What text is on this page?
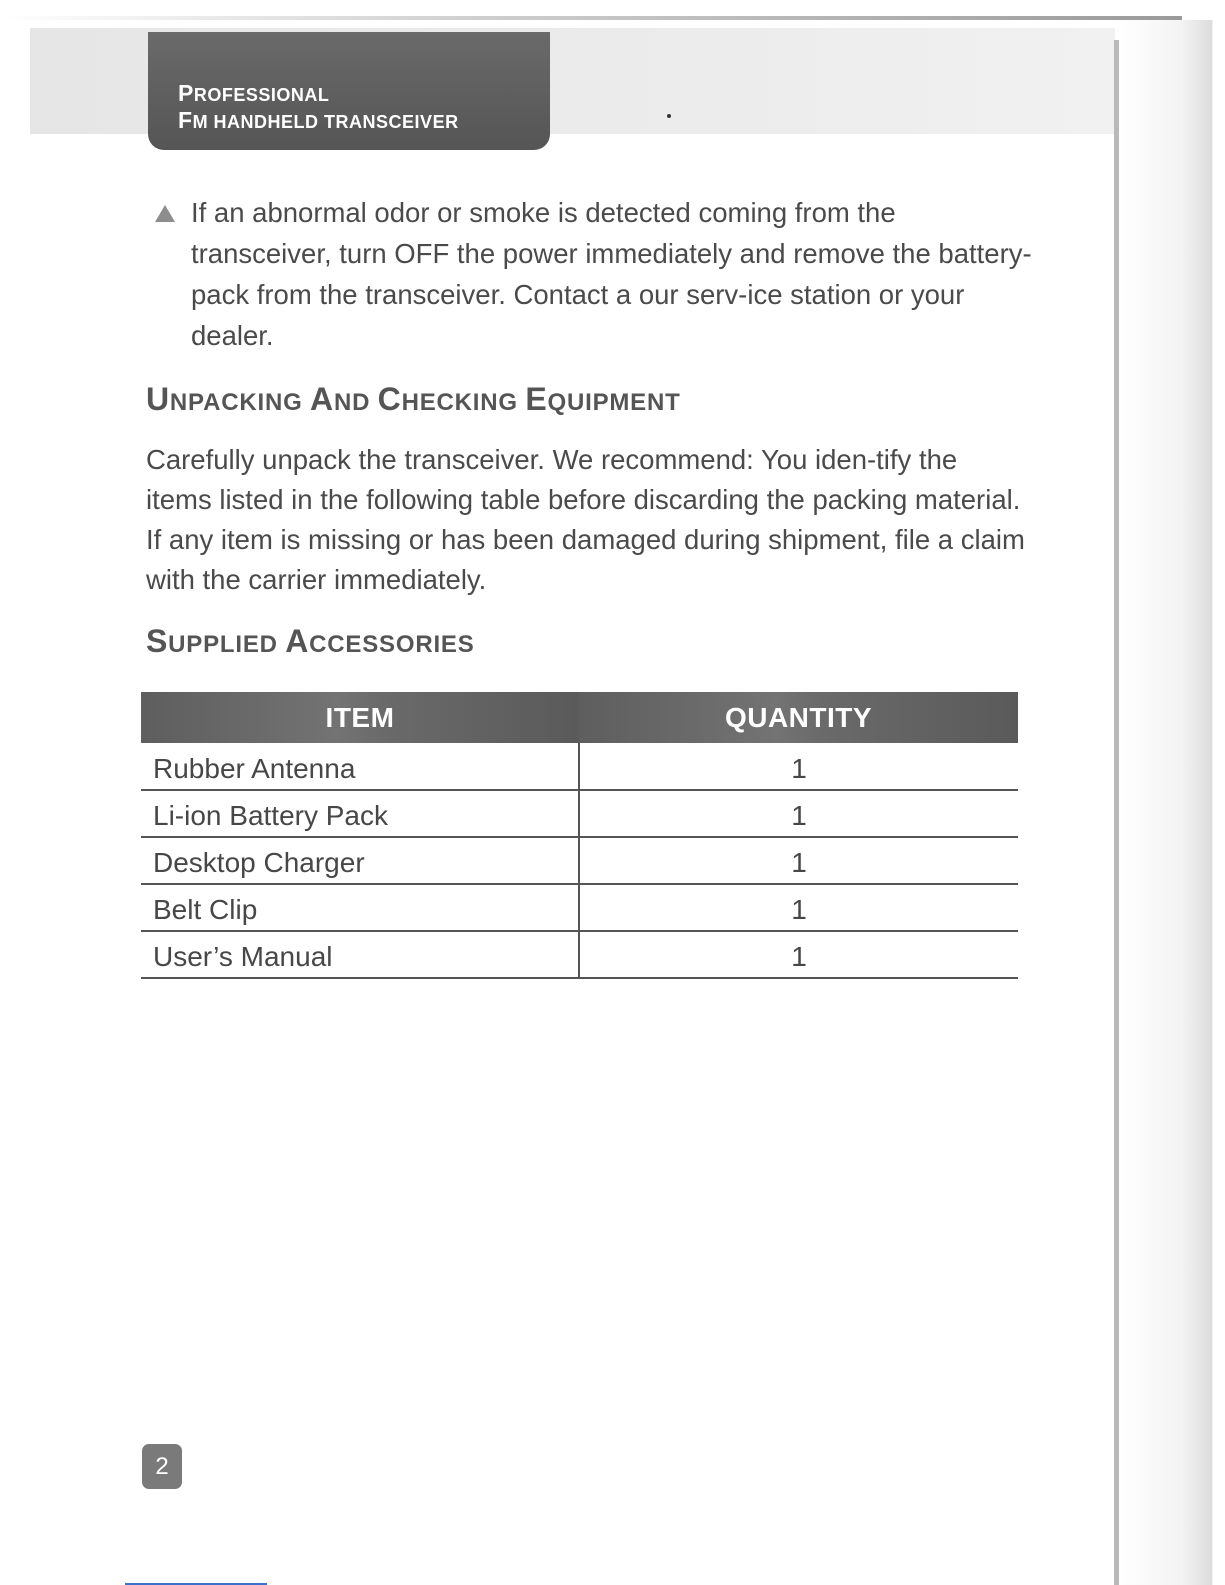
PROFESSIONAL
FM HANDHELD TRANSCEIVER
If an abnormal odor or smoke is detected coming from the transceiver, turn OFF the power immediately and remove the battery-pack from the transceiver. Contact a our serv-ice station or your dealer.
UNPACKING AND CHECKING EQUIPMENT
Carefully unpack the transceiver. We recommend: You iden-tify the items listed in the following table before discarding the packing material. If any item is missing or has been damaged during shipment, file a claim with the carrier immediately.
SUPPLIED ACCESSORIES
ITEM	QUANTITY
Rubber Antenna	1
Li-ion Battery Pack	1
Desktop Charger	1
Belt Clip	1
User’s Manual	1
2
